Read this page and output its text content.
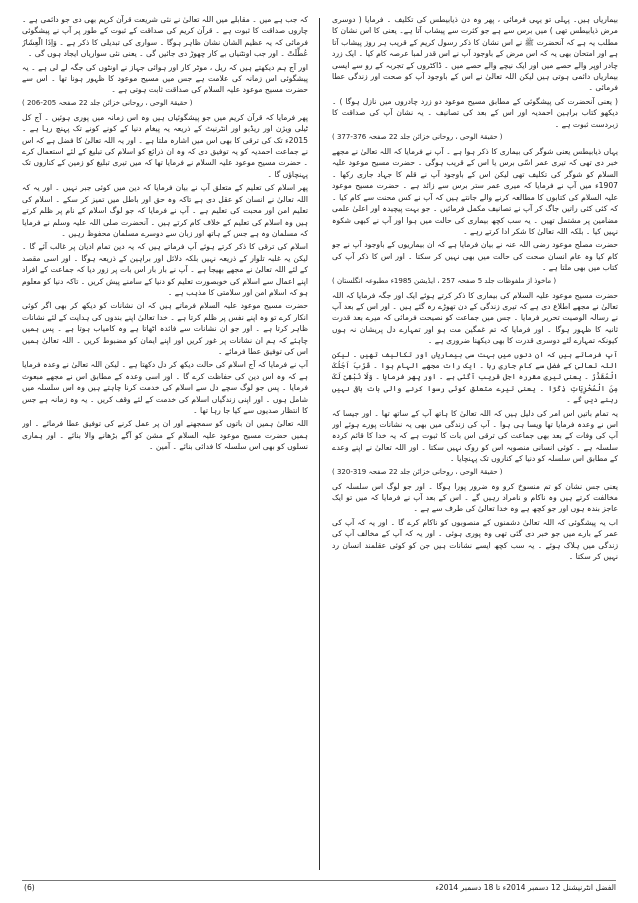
بیماریاں ہیں۔ پہلی تو یہی فرمائی ، پھر وہ دن ذیابیطس کی تکلیف ۔ فرمایا ( دوسری مرض ذیابیطس تھی ) میں برس سے ہے جو کثرت سے پیشاب آتا ہے۔ یعنی کا اس نشان کا مطلب یہ ہے کہ آنحضرت ﷺ نے اس نشان کا ذکر رسول کریم کے قریب ہر روز پیشاب آتا ہے اور امتحان بھی یہ کہ اس مرض کے باوجود آپ نے اس قدر لمبا عرصہ کام کیا ۔ ایک زرد چادر اوپر والے حصے میں اور ایک نیچے والے حصے میں ۔ ڈاکٹروں کے تجربہ کے رو سے ایسی بیماریاں دائمی ہوتی ہیں لیکن اللہ تعالیٰ نے اس کے باوجود آپ کو صحت اور زندگی عطا فرمائی ۔

( یعنی آنحضرت کی پیشگوئی کے مطابق مسیح موعود دو زرد چادروں میں نازل ہوگا ) ۔ دیکھو کتاب براہین احمدیہ اور اس کے بعد کی تصانیف ۔ یہ نشان آپ کی صداقت کا زبردست ثبوت ہے ۔

( حقیقۃ الوحی ، روحانی خزائن جلد 22 صفحہ 376-377 )

یہاں ذیابیطس یعنی شوگر کی بیماری کا ذکر ہوا ہے ۔ آپ نے فرمایا کہ اللہ تعالیٰ نے مجھے خبر دی تھی کہ تیری عمر اسّی برس یا اس کے قریب ہوگی ۔ حضرت مسیح موعود علیہ السلام کو شوگر کی تکلیف تھی لیکن اس کے باوجود آپ نے قلم کا جہاد جاری رکھا ۔ 1907ء میں آپ نے فرمایا کہ میری عمر ستر برس سے زائد ہے ۔ حضرت مسیح موعود علیہ السلام کی کتابوں کا مطالعہ کرنے والے جانتے ہیں کہ آپ نے کس محنت سے کام کیا ۔ کہ کئی کئی راتیں جاگ کر آپ نے تصانیف مکمل فرمائیں ۔ جو بہت پیچیدہ اور اعلیٰ علمی مضامین پر مشتمل تھیں ۔ یہ سب کچھ بیماری کی حالت میں ہوا اور آپ نے کبھی شکوہ نہیں کیا ۔ بلکہ اللہ تعالیٰ کا شکر ادا کرتے رہے ۔

حضرت مصلح موعود رضی اللہ عنہ نے بیان فرمایا ہے کہ ان بیماریوں کے باوجود آپ نے جو کام کیا وہ عام انسان صحت کی حالت میں بھی نہیں کر سکتا ۔ اور اس کا ذکر آپ کی کتاب میں بھی ملتا ہے ۔

( ماخوذ از ملفوظات جلد 5 صفحہ 257 ، ایڈیشن 1985ء مطبوعہ انگلستان )

حضرت مسیح موعود علیہ السلام کی بیماری کا ذکر کرتے ہوئے ایک اور جگہ فرمایا کہ اللہ تعالیٰ نے مجھے اطلاع دی ہے کہ تیری زندگی کے دن تھوڑے رہ گئے ہیں ۔ اور اس کے بعد آپ نے رسالہ الوصیت تحریر فرمایا ۔ جس میں جماعت کو نصیحت فرمائی کہ میرے بعد قدرت ثانیہ کا ظہور ہوگا ۔ اور فرمایا کہ تم غمگین مت ہو اور تمہارے دل پریشان نہ ہوں کیونکہ تمہارے لئے دوسری قدرت کا بھی دیکھنا ضروری ہے ۔

آپ فرماتے ہیں کہ ان دنوں میں بہت سی بیماریاں اور تکالیف تھیں ۔ لیکن اللہ تعالیٰ کے فضل سے کام جاری رہا ۔ ایک رات مجھے الہام ہوا ۔ قَرُبَ اَجَلُکَ الْمُقَدَّرُ ۔ یعنی تیری مقررہ اجل قریب آگئی ہے ۔ اور پھر فرمایا ۔ وَلَا نُبْقِیْ لَکَ مِنَ الْمُخْزِیَاتِ ذِکْرًا ۔ یعنی تیرے متعلق کوئی رسوا کرنے والی بات باقی نہیں رہنے دیں گے ۔

یہ تمام باتیں اس امر کی دلیل ہیں کہ اللہ تعالیٰ کا ہاتھ آپ کے ساتھ تھا ۔ اور جیسا کہ اس نے وعدہ فرمایا تھا ویسا ہی ہوا ۔ آپ کی زندگی میں بھی یہ نشانات پورے ہوئے اور آپ کی وفات کے بعد بھی جماعت کی ترقی اس بات کا ثبوت ہے کہ یہ خدا کا قائم کردہ سلسلہ ہے ۔ کوئی انسانی منصوبہ اس کو روک نہیں سکتا ۔ اور اللہ تعالیٰ نے اپنے وعدے کے مطابق اس سلسلہ کو دنیا کے کناروں تک پہنچایا ۔

( حقیقۃ الوحی ، روحانی خزائن جلد 22 صفحہ 319-320 )

یعنی جس نشان کو تم منسوخ کرو وہ ضرور پورا ہوگا ۔ اور جو لوگ اس سلسلہ کی مخالفت کرتے ہیں وہ ناکام و نامراد رہیں گے ۔ اس کے بعد آپ نے فرمایا کہ میں تو ایک عاجز بندہ ہوں اور جو کچھ ہے وہ خدا تعالیٰ کی طرف سے ہے ۔

اب یہ پیشگوئی کہ اللہ تعالیٰ دشمنوں کے منصوبوں کو ناکام کرے گا ۔ اور یہ کہ آپ کی عمر کے بارے میں جو خبر دی گئی تھی وہ پوری ہوئی ۔ اور یہ کہ آپ کے مخالف آپ کی زندگی میں ہلاک ہوئے ۔ یہ سب کچھ ایسے نشانات ہیں جن کو کوئی عقلمند انسان رد نہیں کر سکتا ۔

کہ جب ہے میں ۔ مقابلے میں اللہ تعالیٰ نے نئی شریعت قرآن کریم بھی دی جو دائمی ہے ۔ چاروں صداقت کا ثبوت ہے ۔ قرآن کریم کی صداقت کے ثبوت کے طور پر آپ نے پیشگوئی فرمائی کہ یہ عظیم الشان نشان ظاہر ہوگا ۔ سواری کی تبدیلی کا ذکر ہے ۔ وَاِذَا الْعِشَارُ عُطِّلَتْ ۔ اور جب اونٹنیاں بے کار چھوڑ دی جائیں گی ۔ یعنی نئی سواریاں ایجاد ہوں گی ۔

اور آج ہم دیکھتے ہیں کہ ریل ، موٹر کار اور ہوائی جہاز نے اونٹوں کی جگہ لے لی ہے ۔ یہ پیشگوئی اس زمانہ کی علامت ہے جس میں مسیح موعود کا ظہور ہونا تھا ۔ اس سے حضرت مسیح موعود علیہ السلام کی صداقت ثابت ہوتی ہے ۔

( حقیقۃ الوحی ، روحانی خزائن جلد 22 صفحہ 205-206 )

پھر فرمایا کہ قرآن کریم میں جو پیشگوئیاں ہیں وہ اس زمانہ میں پوری ہوئیں ۔ آج کل ٹیلی ویژن اور ریڈیو اور انٹرنیٹ کے ذریعہ یہ پیغام دنیا کے کونے کونے تک پہنچ رہا ہے ۔ 2015ء تک کی ترقی کا بھی اس میں اشارہ ملتا ہے ۔ اور یہ اللہ تعالیٰ کا فضل ہے کہ اس نے جماعت احمدیہ کو یہ توفیق دی کہ وہ ان ذرائع کو اسلام کی تبلیغ کے لئے استعمال کرے ۔ حضرت مسیح موعود علیہ السلام نے فرمایا تھا کہ میں تیری تبلیغ کو زمین کے کناروں تک پہنچاؤں گا ۔

پھر اسلام کی تعلیم کے متعلق آپ نے بیان فرمایا کہ دین میں کوئی جبر نہیں ۔ اور یہ کہ اللہ تعالیٰ نے انسان کو عقل دی ہے تاکہ وہ حق اور باطل میں تمیز کر سکے ۔ اسلام کی تعلیم امن اور محبت کی تعلیم ہے ۔ آپ نے فرمایا کہ جو لوگ اسلام کے نام پر ظلم کرتے ہیں وہ اسلام کی تعلیم کے خلاف کام کرتے ہیں ۔ آنحضرت صلی اللہ علیہ وسلم نے فرمایا کہ مسلمان وہ ہے جس کے ہاتھ اور زبان سے دوسرے مسلمان محفوظ رہیں ۔

اسلام کی ترقی کا ذکر کرتے ہوئے آپ فرماتے ہیں کہ یہ دین تمام ادیان پر غالب آئے گا ۔ لیکن یہ غلبہ تلوار کے ذریعہ نہیں بلکہ دلائل اور براہین کے ذریعہ ہوگا ۔ اور اسی مقصد کے لئے اللہ تعالیٰ نے مجھے بھیجا ہے ۔ آپ نے بار بار اس بات پر زور دیا کہ جماعت کے افراد اپنے اعمال سے اسلام کی خوبصورت تعلیم کو دنیا کے سامنے پیش کریں ۔ تاکہ دنیا کو معلوم ہو کہ اسلام امن اور سلامتی کا مذہب ہے ۔

حضرت مسیح موعود علیہ السلام فرماتے ہیں کہ ان نشانات کو دیکھ کر بھی اگر کوئی انکار کرے تو وہ اپنے نفس پر ظلم کرتا ہے ۔ خدا تعالیٰ اپنے بندوں کی ہدایت کے لئے نشانات ظاہر کرتا ہے ۔ اور جو ان نشانات سے فائدہ اٹھاتا ہے وہ کامیاب ہوتا ہے ۔ پس ہمیں چاہئے کہ ہم ان نشانات پر غور کریں اور اپنے ایمان کو مضبوط کریں ۔ اللہ تعالیٰ ہمیں اس کی توفیق عطا فرمائے ۔

آپ نے فرمایا کہ آج اسلام کی حالت دیکھ کر دل دکھتا ہے ۔ لیکن اللہ تعالیٰ نے وعدہ فرمایا ہے کہ وہ اس دین کی حفاظت کرے گا ۔ اور اسی وعدہ کے مطابق اس نے مجھے مبعوث فرمایا ۔ پس جو لوگ سچے دل سے اسلام کی خدمت کرنا چاہتے ہیں وہ اس سلسلہ میں شامل ہوں ۔ اور اپنی زندگیاں اسلام کی خدمت کے لئے وقف کریں ۔ یہ وہ زمانہ ہے جس کا انتظار صدیوں سے کیا جا رہا تھا ۔

اللہ تعالیٰ ہمیں ان باتوں کو سمجھنے اور ان پر عمل کرنے کی توفیق عطا فرمائے ۔ اور ہمیں حضرت مسیح موعود علیہ السلام کے مشن کو آگے بڑھانے والا بنائے ۔ اور ہماری نسلوں کو بھی اس سلسلہ کا فدائی بنائے ۔ آمین ۔

الفضل انٹرنیشنل 12 دسمبر 2014ء تا 18 دسمبر 2014ء
(6)
